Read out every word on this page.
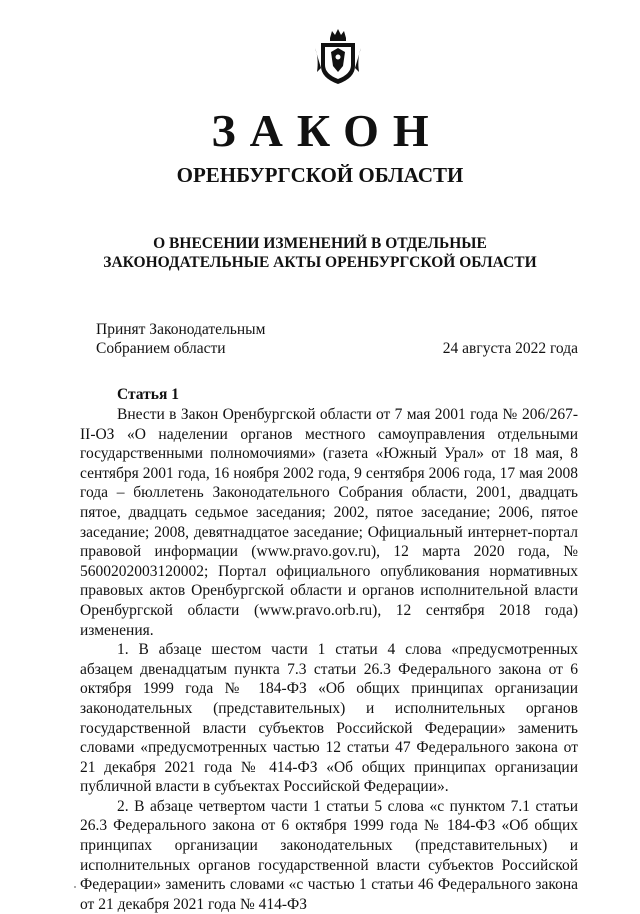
ЗАКОН
ОРЕНБУРГСКОЙ ОБЛАСТИ
О ВНЕСЕНИИ ИЗМЕНЕНИЙ В ОТДЕЛЬНЫЕ
ЗАКОНОДАТЕЛЬНЫЕ АКТЫ ОРЕНБУРГСКОЙ ОБЛАСТИ
Принят Законодательным
Собранием области	24 августа 2022 года
Статья 1

Внести в Закон Оренбургской области от 7 мая 2001 года № 206/267-II-ОЗ «О наделении органов местного самоуправления отдельными государственными полномочиями» (газета «Южный Урал» от 18 мая, 8 сентября 2001 года, 16 ноября 2002 года, 9 сентября 2006 года, 17 мая 2008 года – бюллетень Законодательного Собрания области, 2001, двадцать пятое, двадцать седьмое заседания; 2002, пятое заседание; 2006, пятое заседание; 2008, девятнадцатое заседание; Официальный интернет-портал правовой информации (www.pravo.gov.ru), 12 марта 2020 года, № 5600202003120002; Портал официального опубликования нормативных правовых актов Оренбургской области и органов исполнительной власти Оренбургской области (www.pravo.orb.ru), 12 сентября 2018 года) изменения.

1. В абзаце шестом части 1 статьи 4 слова «предусмотренных абзацем двенадцатым пункта 7.3 статьи 26.3 Федерального закона от 6 октября 1999 года № 184-ФЗ «Об общих принципах организации законодательных (представительных) и исполнительных органов государственной власти субъектов Российской Федерации» заменить словами «предусмотренных частью 12 статьи 47 Федерального закона от 21 декабря 2021 года № 414-ФЗ «Об общих принципах организации публичной власти в субъектах Российской Федерации».

2. В абзаце четвертом части 1 статьи 5 слова «с пунктом 7.1 статьи 26.3 Федерального закона от 6 октября 1999 года № 184-ФЗ «Об общих принципах организации законодательных (представительных) и исполнительных органов государственной власти субъектов Российской Федерации» заменить словами «с частью 1 статьи 46 Федерального закона от 21 декабря 2021 года № 414-ФЗ
